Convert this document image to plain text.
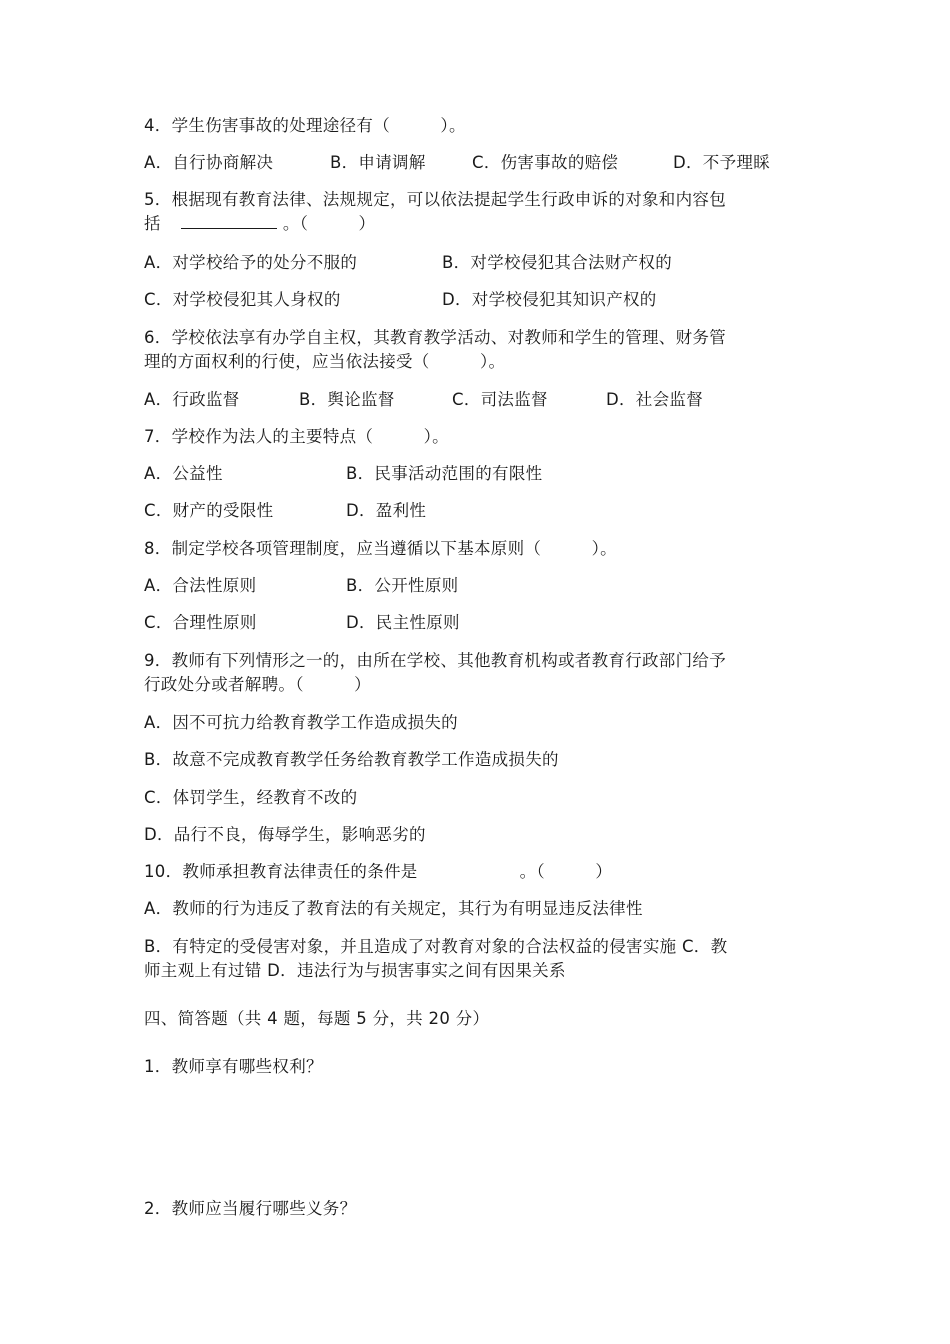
4．学生伤害事故的处理途径有（　　　）。
A．自行协商解决	B．申请调解	C．伤害事故的赔偿	D．不予理睬
5．根据现有教育法律、法规规定，可以依法提起学生行政申诉的对象和内容包
括	。（　　　）
A．对学校给予的处分不服的	B．对学校侵犯其合法财产权的
C．对学校侵犯其人身权的	D．对学校侵犯其知识产权的
6．学校依法享有办学自主权，其教育教学活动、对教师和学生的管理、财务管
理的方面权利的行使，应当依法接受（　　　）。
A．行政监督	B．舆论监督	C．司法监督	D．社会监督
7．学校作为法人的主要特点（　　　）。
A．公益性	B．民事活动范围的有限性
C．财产的受限性	D．盈利性
8．制定学校各项管理制度，应当遵循以下基本原则（　　　）。
A．合法性原则	B．公开性原则
C．合理性原则	D．民主性原则
9．教师有下列情形之一的，由所在学校、其他教育机构或者教育行政部门给予
行政处分或者解聘。（　　　）
A．因不可抗力给教育教学工作造成损失的
B．故意不完成教育教学任务给教育教学工作造成损失的
C．体罚学生，经教育不改的
D．品行不良，侮辱学生，影响恶劣的
10．教师承担教育法律责任的条件是	。（　　　）
A．教师的行为违反了教育法的有关规定，其行为有明显违反法律性
B．有特定的受侵害对象，并且造成了对教育对象的合法权益的侵害实施 C．教
师主观上有过错 D．违法行为与损害事实之间有因果关系
四、简答题（共 4 题，每题 5 分，共 20 分）
1．教师享有哪些权利？
2．教师应当履行哪些义务？
